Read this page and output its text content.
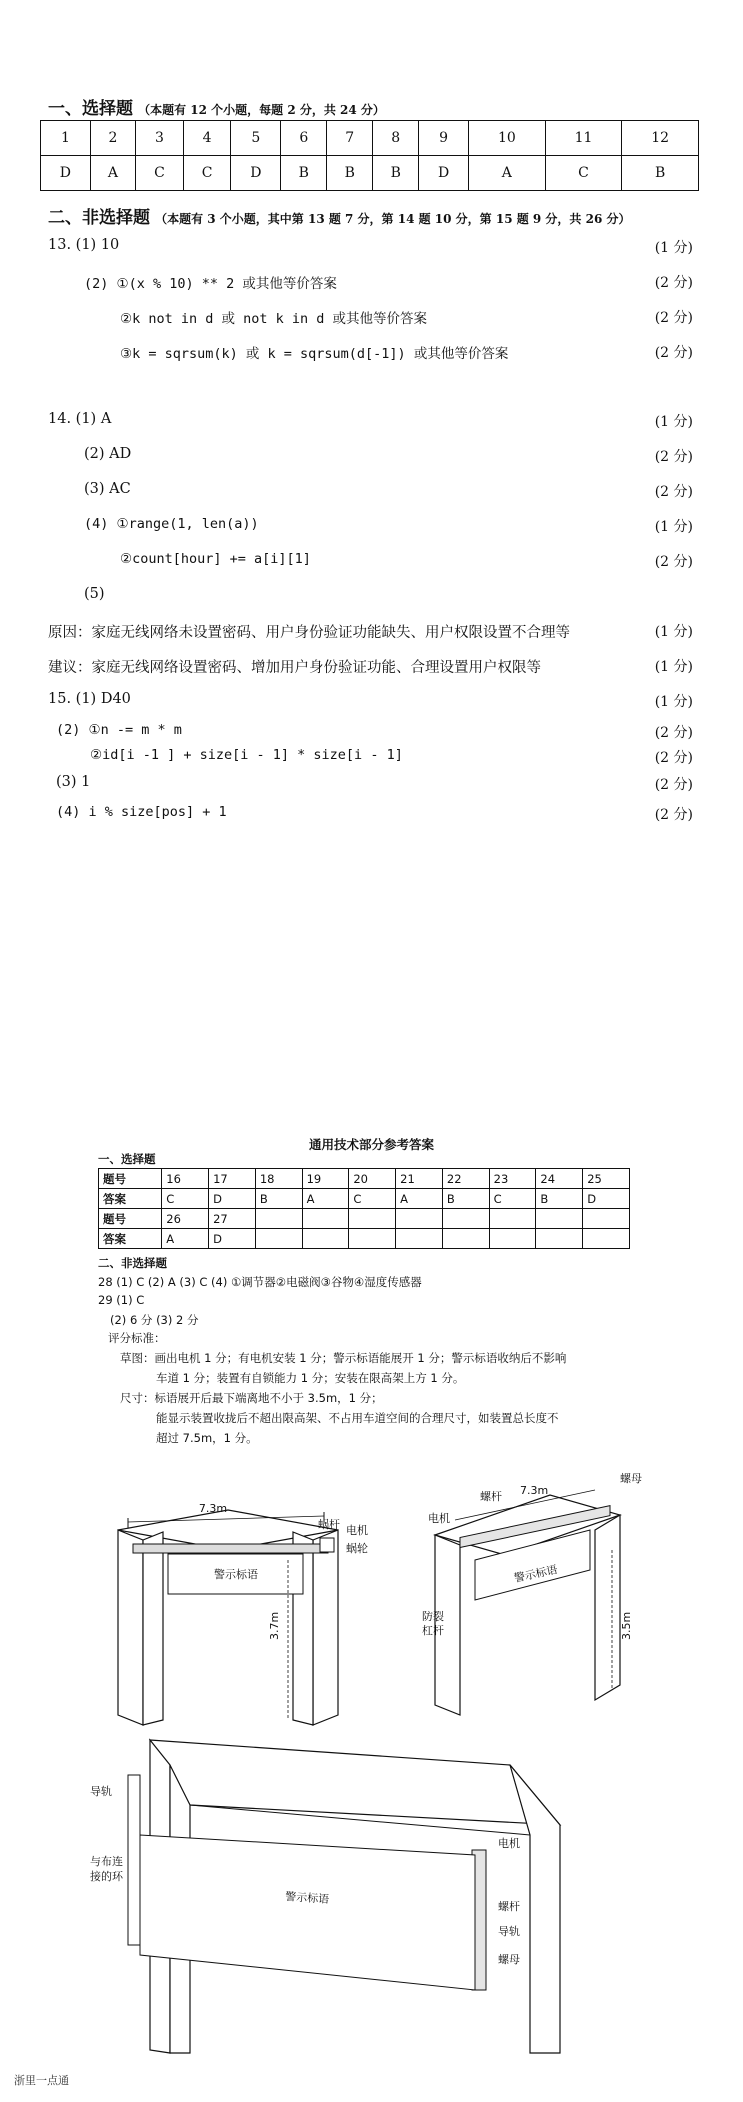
一、选择题 （本题有 12 个小题，每题 2 分，共 24 分）
1	2	3	4	5	6	7	8	9	10	11	12
D	A	C	C	D	B	B	B	D	A	C	B
二、非选择题 （本题有 3 个小题，其中第 13 题 7 分，第 14 题 10 分，第 15 题 9 分，共 26 分）
13. (1) 10	(1 分)
(2) ①(x % 10) ** 2 或其他等价答案	(2 分)
②k not in d 或 not k in d 或其他等价答案	(2 分)
③k = sqrsum(k) 或 k = sqrsum(d[-1]) 或其他等价答案	(2 分)
14. (1) A	(1 分)
(2) AD	(2 分)
(3) AC	(2 分)
(4) ①range(1, len(a))	(1 分)
②count[hour] += a[i][1]	(2 分)
(5)
原因：家庭无线网络未设置密码、用户身份验证功能缺失、用户权限设置不合理等	(1 分)
建议：家庭无线网络设置密码、增加用户身份验证功能、合理设置用户权限等	(1 分)
15. (1) D40	(1 分)
(2) ①n -= m * m	(2 分)
②id[i -1 ] + size[i - 1] * size[i - 1]	(2 分)
(3) 1	(2 分)
(4) i % size[pos] + 1	(2 分)
通用技术部分参考答案
一、选择题
题号	16	17	18	19	20	21	22	23	24	25
答案	C	D	B	A	C	A	B	C	B	D
题号	26	27								
答案	A	D								
二、非选择题
28 (1) C (2) A (3) C (4) ①调节器②电磁阀③谷物④湿度传感器
29 (1) C
(2) 6 分 (3) 2 分
评分标准：
草图：画出电机 1 分；有电机安装 1 分；警示标语能展开 1 分；警示标语收纳后不影响
车道 1 分；装置有自锁能力 1 分；安装在限高架上方 1 分。
尺寸：标语展开后最下端离地不小于 3.5m，1 分；
能显示装置收拢后不超出限高架、不占用车道空间的合理尺寸，如装置总长度不
超过 7.5m，1 分。
7.3m
警示标语
3.7m
蜗杆 电机
蜗轮
7.3m
警示标语
3.5m
螺杆
螺母
电机
防裂
杠杆
警示标语
导轨
与布连
接的环
电机
螺杆
导轨
螺母
浙里一点通
